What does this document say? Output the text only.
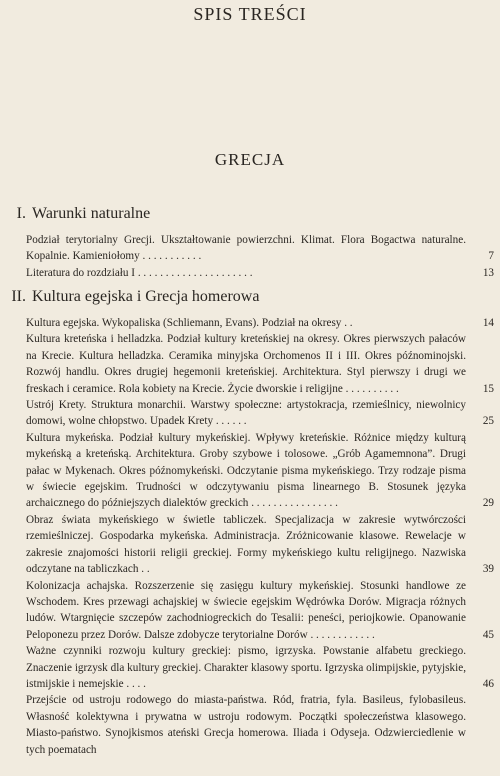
SPIS TREŚCI
GRECJA
I. Warunki naturalne
Podział terytorialny Grecji. Ukształtowanie powierzchni. Klimat. Flora Bogactwa naturalne. Kopalnie. Kamieniołomy . . . . . . . . . . .	7
Literatura do rozdziału I . . . . . . . . . . . . . . . . . . . . .	13
II. Kultura egejska i Grecja homerowa
Kultura egejska. Wykopaliska (Schliemann, Evans). Podział na okresy . .	14
Kultura kreteńska i helladzka. Podział kultury kreteńskiej na okresy. Okres pierwszych pałaców na Krecie. Kultura helladzka. Ceramika minyjska Orchomenos II i III. Okres późnominojski. Rozwój handlu. Okres drugiej hegemonii kreteńskiej. Architektura. Styl pierwszy i drugi we freskach i ceramice. Rola kobiety na Krecie. Życie dworskie i religijne . . . . . . . . . .	15
Ustrój Krety. Struktura monarchii. Warstwy społeczne: artystokracja, rzemieślnicy, niewolnicy domowi, wolne chłopstwo. Upadek Krety . . . . . .	25
Kultura mykeńska. Podział kultury mykeńskiej. Wpływy kreteńskie. Różnice między kulturą mykeńską a kreteńską. Architektura. Groby szybowe i tolosowe. „Grób Agamemnona”. Drugi pałac w Mykenach. Okres późnomykeński. Odczytanie pisma mykeńskiego. Trzy rodzaje pisma w świecie egejskim. Trudności w odczytywaniu pisma linearnego B. Stosunek języka archaicznego do późniejszych dialektów greckich . . . . . . . . . . . . . . . .	29
Obraz świata mykeńskiego w świetle tabliczek. Specjalizacja w zakresie wytwórczości rzemieślniczej. Gospodarka mykeńska. Administracja. Zróżnicowanie klasowe. Rewelacje w zakresie znajomości historii religii greckiej. Formy mykeńskiego kultu religijnego. Nazwiska odczytane na tabliczkach . .	39
Kolonizacja achajska. Rozszerzenie się zasięgu kultury mykeńskiej. Stosunki handlowe ze Wschodem. Kres przewagi achajskiej w świecie egejskim Wędrówka Dorów. Migracja różnych ludów. Wtargnięcie szczepów zachodniogreckich do Tesalii: peneści, periojkowie. Opanowanie Peloponezu przez Dorów. Dalsze zdobycze terytorialne Dorów . . . . . . . . . . . .	45
Ważne czynniki rozwoju kultury greckiej: pismo, igrzyska. Powstanie alfabetu greckiego. Znaczenie igrzysk dla kultury greckiej. Charakter klasowy sportu. Igrzyska olimpijskie, pytyjskie, istmijskie i nemejskie . . . .	46
Przejście od ustroju rodowego do miasta-państwa. Ród, fratria, fyla. Basileus, fylobasileus. Własność kolektywna i prywatna w ustroju rodowym. Początki społeczeństwa klasowego. Miasto-państwo. Synojkismos ateński Grecja homerowa. Iliada i Odyseja. Odzwierciedlenie w tych poematach
